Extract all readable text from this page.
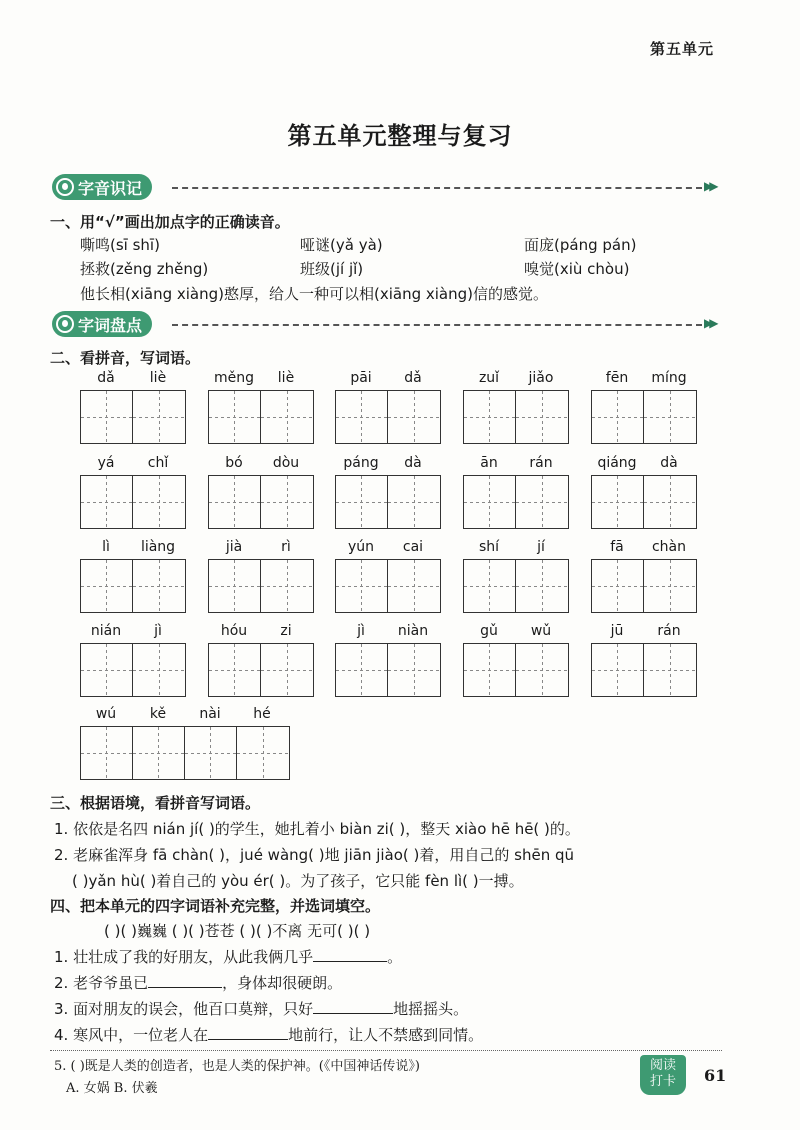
第五单元
第五单元整理与复习
字音识记	▶▶
一、用“√”画出加点字的正确读音。
嘶鸣(sī shī)	哑谜(yǎ yà)	面庞(páng pán)
拯救(zěng zhěng)	班级(jí jǐ)	嗅觉(xiù chòu)
他长相(xiāng xiàng)憨厚，给人一种可以相(xiāng xiàng)信的感觉。
字词盘点	▶▶
二、看拼音，写词语。
dǎ	liè	měng	liè	pāi	dǎ	zuǐ	jiǎo	fēn	míng
yá	chǐ	bó	dòu	páng	dà	ān	rán	qiáng	dà
lì	liàng	jià	rì	yún	cai	shí	jí	fā	chàn
nián	jì	hóu	zi	jì	niàn	gǔ	wǔ	jū	rán
wú	kě	nài	hé
三、根据语境，看拼音写词语。
1. 依依是名四 nián jí( )的学生，她扎着小 biàn zi( )，整天 xiào hē hē( )的。
2. 老麻雀浑身 fā chàn( )，jué wàng( )地 jiān jiào( )着，用自己的 shēn qū
( )yǎn hù( )着自己的 yòu ér( )。为了孩子，它只能 fèn lì( )一搏。
四、把本单元的四字词语补充完整，并选词填空。
( )( )巍巍 ( )( )苍苍 ( )( )不离 无可( )( )
1. 壮壮成了我的好朋友，从此我俩几乎	。
2. 老爷爷虽已	，身体却很硬朗。
3. 面对朋友的误会，他百口莫辩，只好	地摇摇头。
4. 寒风中，一位老人在	地前行，让人不禁感到同情。
5. ( )既是人类的创造者，也是人类的保护神。(《中国神话传说》)
A. 女娲 B. 伏羲
阅读
打卡	61
